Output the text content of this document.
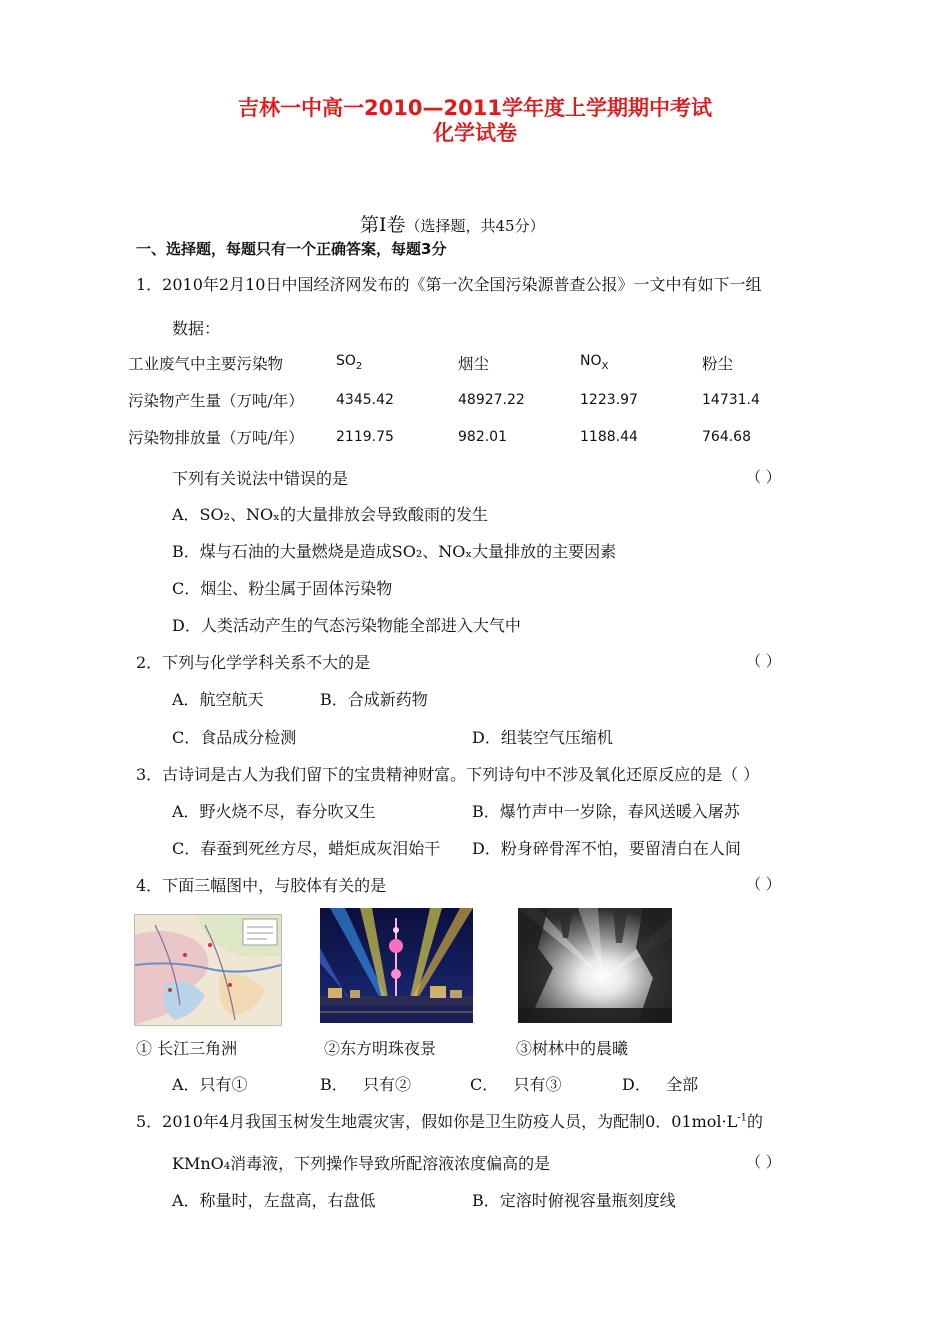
吉林一中高一2010—2011学年度上学期期中考试
化学试卷
第Ⅰ卷（选择题，共45分）
一、选择题，每题只有一个正确答案，每题3分
1．2010年2月10日中国经济网发布的《第一次全国污染源普查公报》一文中有如下一组
数据：
工业废气中主要污染物	$SO_2$	烟尘	$NO_X$	粉尘
污染物产生量（万吨/年）	4345.42	48927.22	1223.97	14731.4
污染物排放量（万吨/年）	2119.75	982.01	1188.44	764.68
下列有关说法中错误的是	（ ）
A．SO₂、NOₓ的大量排放会导致酸雨的发生
B．煤与石油的大量燃烧是造成SO₂、NOₓ大量排放的主要因素
C．烟尘、粉尘属于固体污染物
D．人类活动产生的气态污染物能全部进入大气中
2．下列与化学学科关系不大的是	（ ）
A．航空航天	B．合成新药物
C．食品成分检测	D．组装空气压缩机
3．古诗词是古人为我们留下的宝贵精神财富。下列诗句中不涉及氧化还原反应的是（ ）
A．野火烧不尽，春分吹又生	B．爆竹声中一岁除，春风送暖入屠苏
C．春蚕到死丝方尽，蜡炬成灰泪始干 D．粉身碎骨浑不怕，要留清白在人间
4．下面三幅图中，与胶体有关的是	（ ）
① 长江三角洲	②东方明珠夜景	③树林中的晨曦
A．只有①	B．   只有②	C．   只有③	D．   全部
5．2010年4月我国玉树发生地震灾害，假如你是卫生防疫人员，为配制0．$01mol\cdot L^{-1}$的
KMnO₄消毒液，下列操作导致所配溶液浓度偏高的是	（ ）
A．称量时，左盘高，右盘低	B．定溶时俯视容量瓶刻度线
